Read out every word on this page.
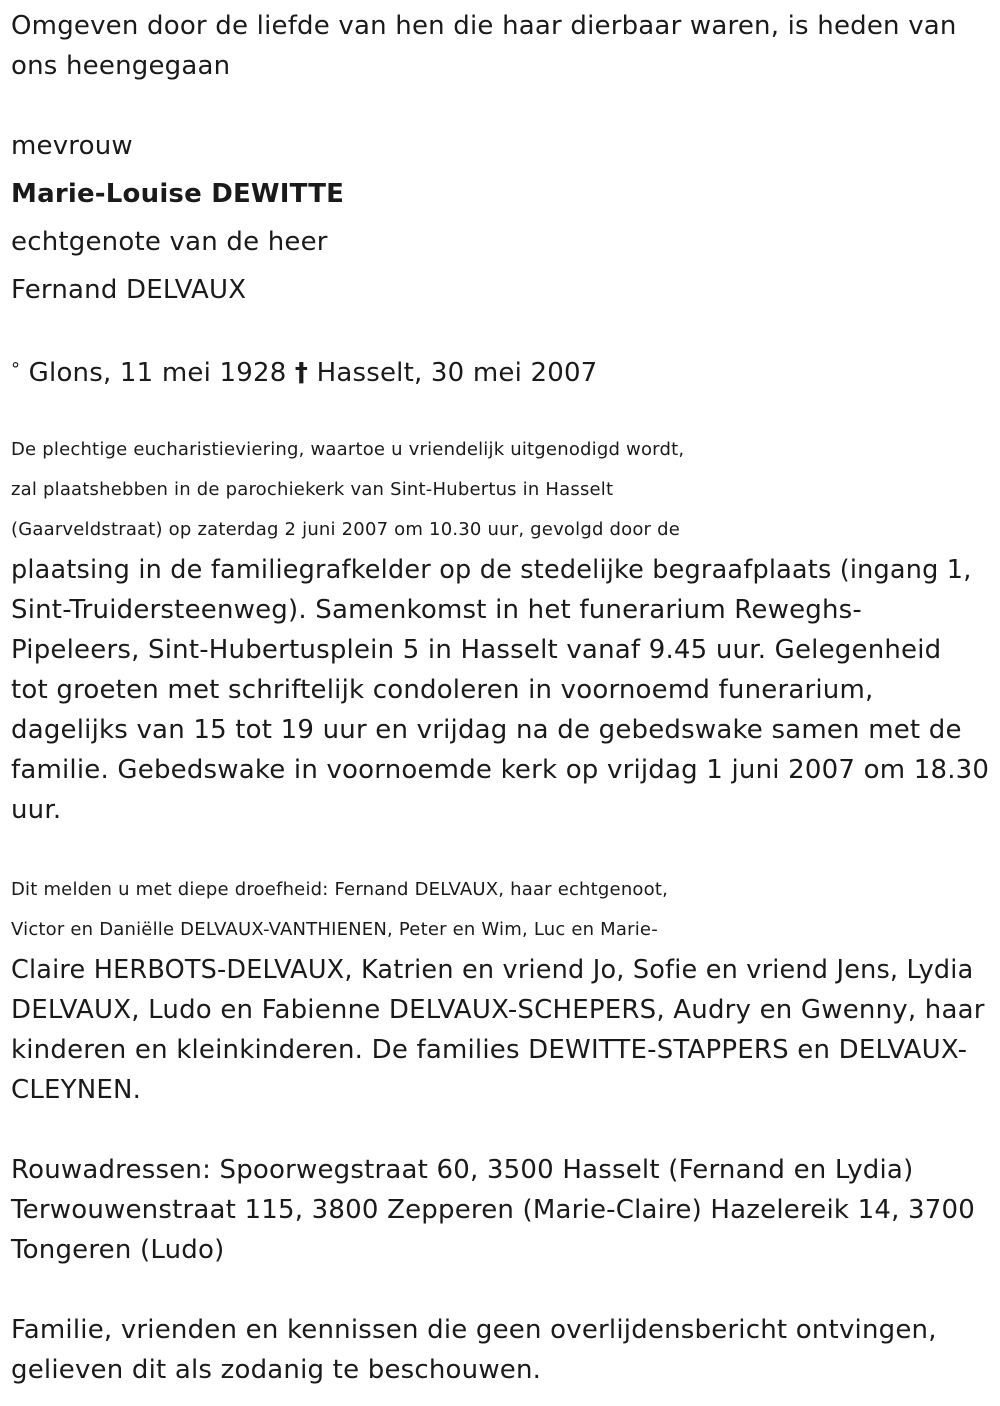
Omgeven door de liefde van hen die haar dierbaar waren, is heden van
ons heengegaan
mevrouw
Marie-Louise DEWITTE
echtgenote van de heer
Fernand DELVAUX
° Glons, 11 mei 1928 † Hasselt, 30 mei 2007
De plechtige eucharistieviering, waartoe u vriendelijk uitgenodigd wordt,
zal plaatshebben in de parochiekerk van Sint-Hubertus in Hasselt
(Gaarveldstraat) op zaterdag 2 juni 2007 om 10.30 uur, gevolgd door de
plaatsing in de familiegrafkelder op de stedelijke begraafplaats (ingang 1,
Sint-Truidersteenweg). Samenkomst in het funerarium Reweghs-
Pipeleers, Sint-Hubertusplein 5 in Hasselt vanaf 9.45 uur. Gelegenheid
tot groeten met schriftelijk condoleren in voornoemd funerarium,
dagelijks van 15 tot 19 uur en vrijdag na de gebedswake samen met de
familie. Gebedswake in voornoemde kerk op vrijdag 1 juni 2007 om 18.30
uur.
Dit melden u met diepe droefheid: Fernand DELVAUX, haar echtgenoot,
Victor en Daniëlle DELVAUX-VANTHIENEN, Peter en Wim, Luc en Marie-
Claire HERBOTS-DELVAUX, Katrien en vriend Jo, Sofie en vriend Jens, Lydia
DELVAUX, Ludo en Fabienne DELVAUX-SCHEPERS, Audry en Gwenny, haar
kinderen en kleinkinderen. De families DEWITTE-STAPPERS en DELVAUX-
CLEYNEN.
Rouwadressen: Spoorwegstraat 60, 3500 Hasselt (Fernand en Lydia)
Terwouwenstraat 115, 3800 Zepperen (Marie-Claire) Hazelereik 14, 3700
Tongeren (Ludo)
Familie, vrienden en kennissen die geen overlijdensbericht ontvingen,
gelieven dit als zodanig te beschouwen.
